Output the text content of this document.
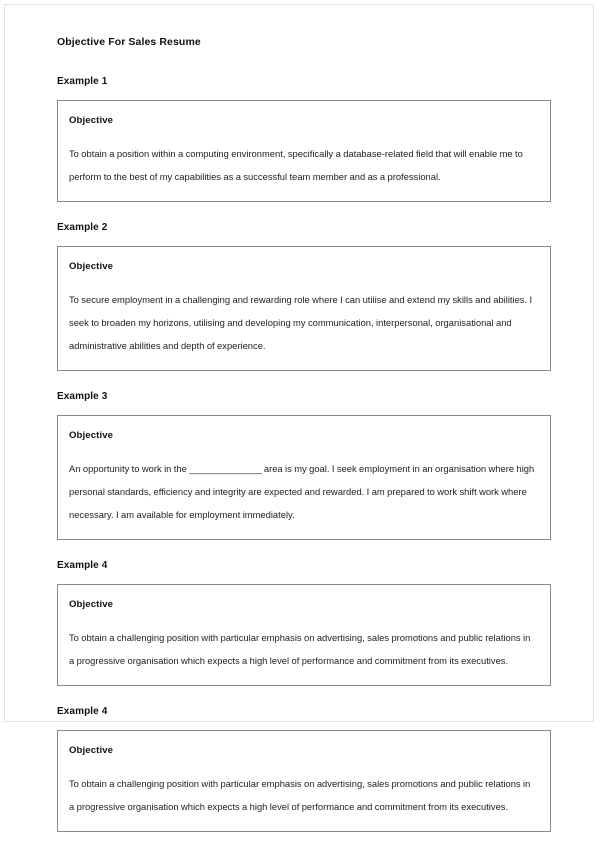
Objective For Sales Resume
Example 1
Objective

To obtain a position within a computing environment, specifically a database-related field that will enable me to perform to the best of my capabilities as a successful team member and as a professional.

Example 2
Objective

To secure employment in a challenging and rewarding role where I can utilise and extend my skills and abilities. I seek to broaden my horizons, utilising and developing my communication, interpersonal, organisational and administrative abilities and depth of experience.

Example 3
Objective

An opportunity to work in the _______________ area is my goal. I seek employment in an organisation where high personal standards, efficiency and integrity are expected and rewarded. I am prepared to work shift work where necessary. I am available for employment immediately.

Example 4
Objective

To obtain a challenging position with particular emphasis on advertising, sales promotions and public relations in a progressive organisation which expects a high level of performance and commitment from its executives.

Example 4
Objective

To obtain a challenging position with particular emphasis on advertising, sales promotions and public relations in a progressive organisation which expects a high level of performance and commitment from its executives.
